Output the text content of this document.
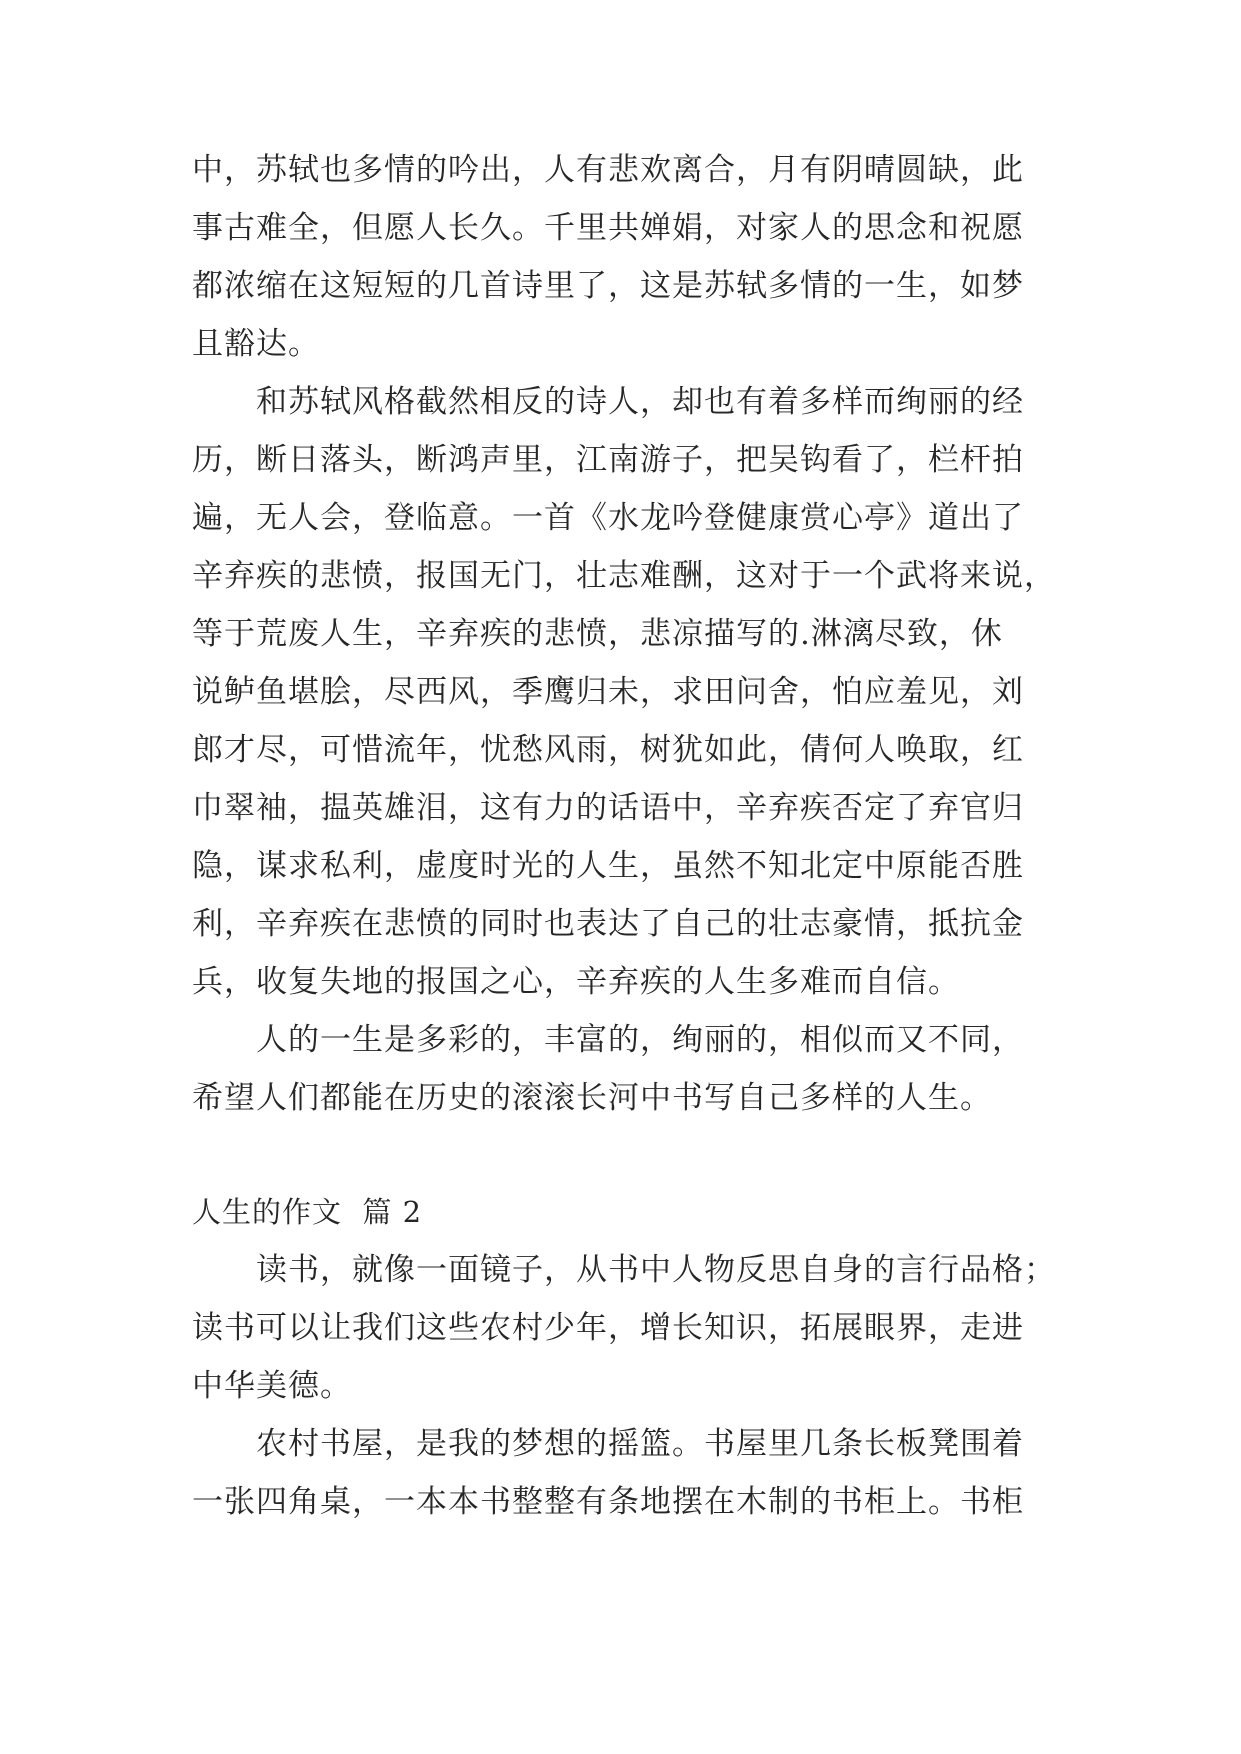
中，苏轼也多情的吟出，人有悲欢离合，月有阴晴圆缺，此
事古难全，但愿人长久。千里共婵娟，对家人的思念和祝愿
都浓缩在这短短的几首诗里了，这是苏轼多情的一生，如梦
且豁达。
和苏轼风格截然相反的诗人，却也有着多样而绚丽的经
历，断日落头，断鸿声里，江南游子，把吴钩看了，栏杆拍
遍，无人会，登临意。一首《水龙吟登健康赏心亭》道出了
辛弃疾的悲愤，报国无门，壮志难酬，这对于一个武将来说，
等于荒废人生，辛弃疾的悲愤，悲凉描写的.淋漓尽致，休
说鲈鱼堪脍，尽西风，季鹰归未，求田问舍，怕应羞见，刘
郎才尽，可惜流年，忧愁风雨，树犹如此，倩何人唤取，红
巾翠袖，揾英雄泪，这有力的话语中，辛弃疾否定了弃官归
隐，谋求私利，虚度时光的人生，虽然不知北定中原能否胜
利，辛弃疾在悲愤的同时也表达了自己的壮志豪情，抵抗金
兵，收复失地的报国之心，辛弃疾的人生多难而自信。
人的一生是多彩的，丰富的，绚丽的，相似而又不同，
希望人们都能在历史的滚滚长河中书写自己多样的人生。
人生的作文  篇 2
读书，就像一面镜子，从书中人物反思自身的言行品格；
读书可以让我们这些农村少年，增长知识，拓展眼界，走进
中华美德。
农村书屋，是我的梦想的摇篮。书屋里几条长板凳围着
一张四角桌，一本本书整整有条地摆在木制的书柜上。书柜
